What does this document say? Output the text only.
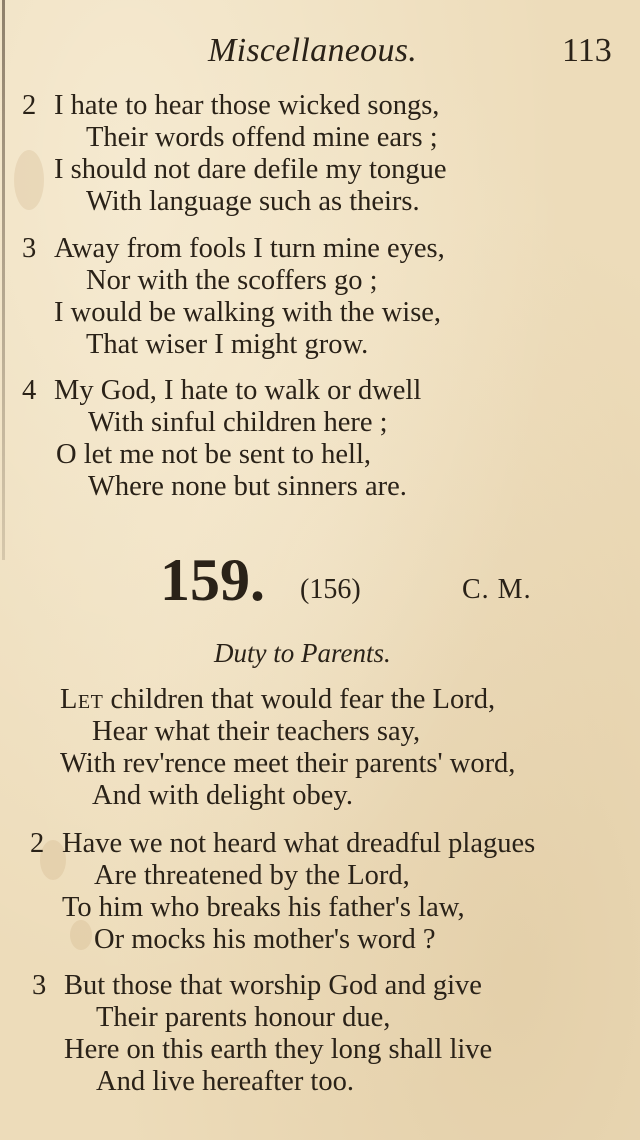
Miscellaneous.	113
2 I hate to hear those wicked songs,
Their words offend mine ears ;
I should not dare defile my tongue
With language such as theirs.
3 Away from fools I turn mine eyes,
Nor with the scoffers go ;
I would be walking with the wise,
That wiser I might grow.
4 My God, I hate to walk or dwell
With sinful children here ;
O let me not be sent to hell,
Where none but sinners are.
159. (156)	C. M.
Duty to Parents.
Let children that would fear the Lord,
Hear what their teachers say,
With rev'rence meet their parents' word,
And with delight obey.
2 Have we not heard what dreadful plagues
Are threatened by the Lord,
To him who breaks his father's law,
Or mocks his mother's word ?
3 But those that worship God and give
Their parents honour due,
Here on this earth they long shall live
And live hereafter too.
